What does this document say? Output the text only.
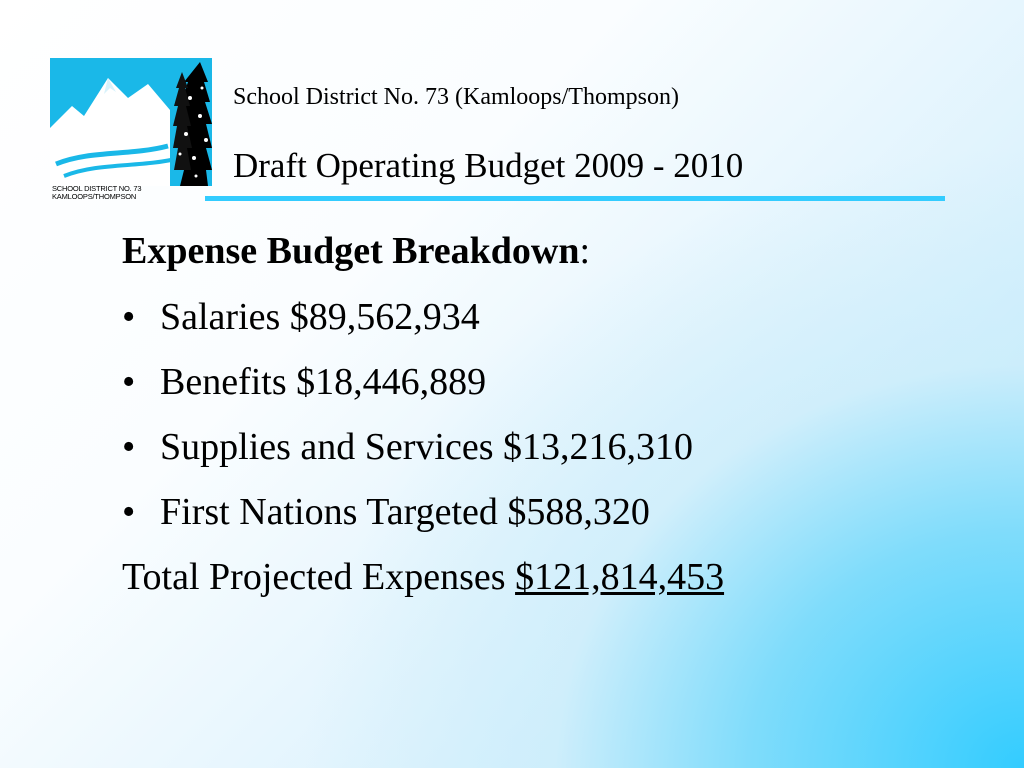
SCHOOL DISTRICT NO. 73
KAMLOOPS/THOMPSON
School District No. 73 (Kamloops/Thompson)
Draft Operating Budget 2009 - 2010
Expense Budget Breakdown:
• Salaries $89,562,934
• Benefits $18,446,889
• Supplies and Services $13,216,310
• First Nations Targeted $588,320
Total Projected Expenses $121,814,453
